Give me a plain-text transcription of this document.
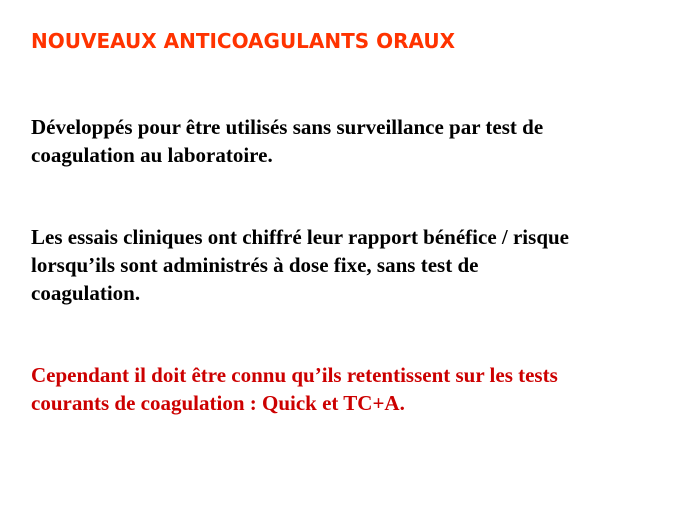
NOUVEAUX ANTICOAGULANTS ORAUX

Développés pour être utilisés sans surveillance par test de
coagulation au laboratoire.

Les essais cliniques ont chiffré leur rapport bénéfice / risque
lorsqu’ils sont administrés à dose fixe, sans test de
coagulation.

Cependant il doit être connu qu’ils retentissent sur les tests
courants de coagulation : Quick et TC+A.
